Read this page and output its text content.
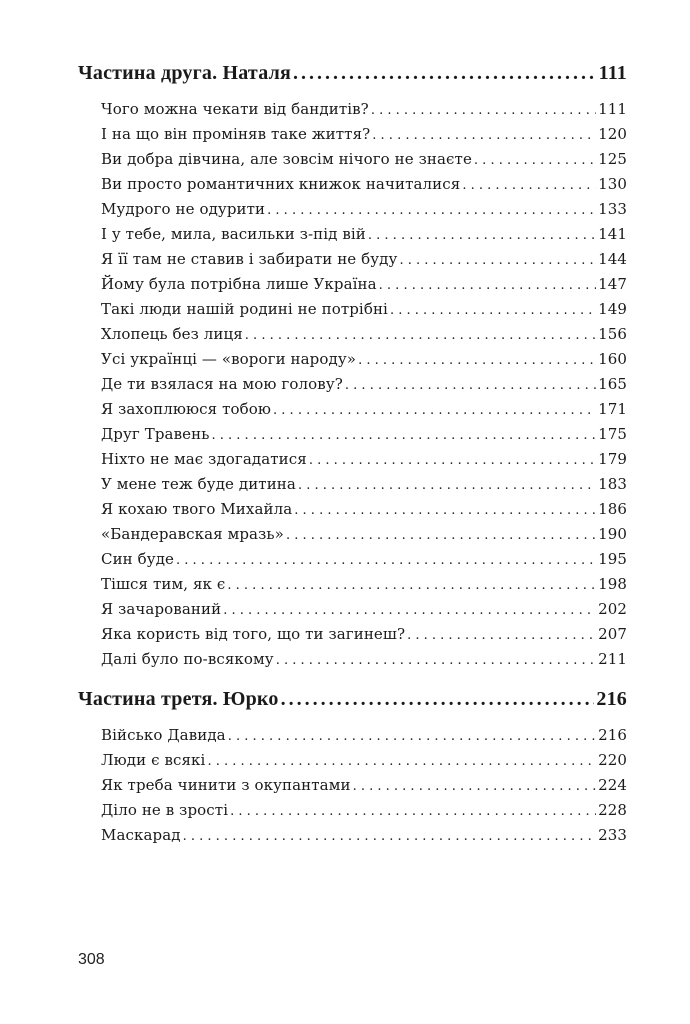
Частина друга. Наталя .....	111
Чого можна чекати від бандитів? . . .	111
І на що він проміняв таке життя? . . .	120
Ви добра дівчина, але зовсім нічого не знаєте . . .	125
Ви просто романтичних книжок начиталися . . .	130
Мудрого не одурити . . .	133
І у тебе, мила, васильки з-під вій . . .	141
Я її там не ставив і забирати не буду . . .	144
Йому була потрібна лише Україна . . .	147
Такі люди нашій родині не потрібні . . .	149
Хлопець без лиця . . .	156
Усі українці — «вороги народу» . . .	160
Де ти взялася на мою голову? . . .	165
Я захоплююся тобою . . .	171
Друг Травень . . .	175
Ніхто не має здогадатися . . .	179
У мене теж буде дитина . . .	183
Я кохаю твого Михайла . . .	186
«Бандеравская мразь» . . .	190
Син буде . . .	195
Тішся тим, як є . . .	198
Я зачарований . . .	202
Яка користь від того, що ти загинеш? . . .	207
Далі було по-всякому . . .	211
Частина третя. Юрко .....	216
Військо Давида . . .	216
Люди є всякі . . .	220
Як треба чинити з окупантами . . .	224
Діло не в зрості . . .	228
Маскарад . . .	233
308
